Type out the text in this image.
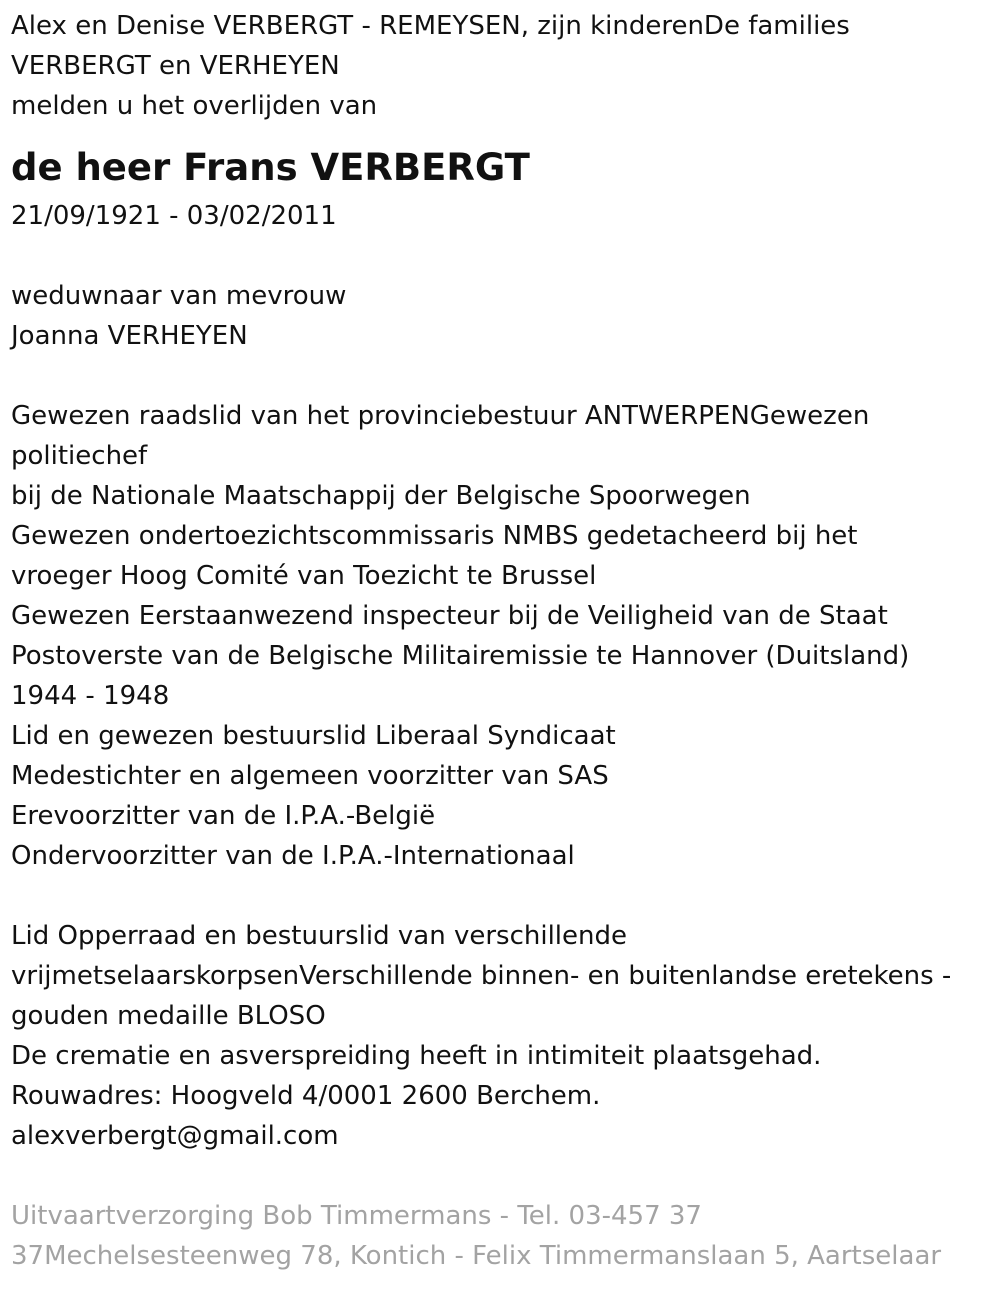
Alex en Denise VERBERGT - REMEYSEN, zijn kinderenDe families
VERBERGT en VERHEYEN
melden u het overlijden van
de heer Frans VERBERGT
21/09/1921 - 03/02/2011
weduwnaar van mevrouw
Joanna VERHEYEN
Gewezen raadslid van het provinciebestuur ANTWERPENGewezen
politiechef
bij de Nationale Maatschappij der Belgische Spoorwegen
Gewezen ondertoezichtscommissaris NMBS gedetacheerd bij het
vroeger Hoog Comité van Toezicht te Brussel
Gewezen Eerstaanwezend inspecteur bij de Veiligheid van de Staat
Postoverste van de Belgische Militairemissie te Hannover (Duitsland)
1944 - 1948
Lid en gewezen bestuurslid Liberaal Syndicaat
Medestichter en algemeen voorzitter van SAS
Erevoorzitter van de I.P.A.-België
Ondervoorzitter van de I.P.A.-Internationaal
Lid Opperraad en bestuurslid van verschillende
vrijmetselaarskorpsenVerschillende binnen- en buitenlandse eretekens -
gouden medaille BLOSO
De crematie en asverspreiding heeft in intimiteit plaatsgehad.
Rouwadres: Hoogveld 4/0001 2600 Berchem.
alexverbergt@gmail.com
Uitvaartverzorging Bob Timmermans - Tel. 03-457 37
37Mechelsesteenweg 78, Kontich - Felix Timmermanslaan 5, Aartselaar
